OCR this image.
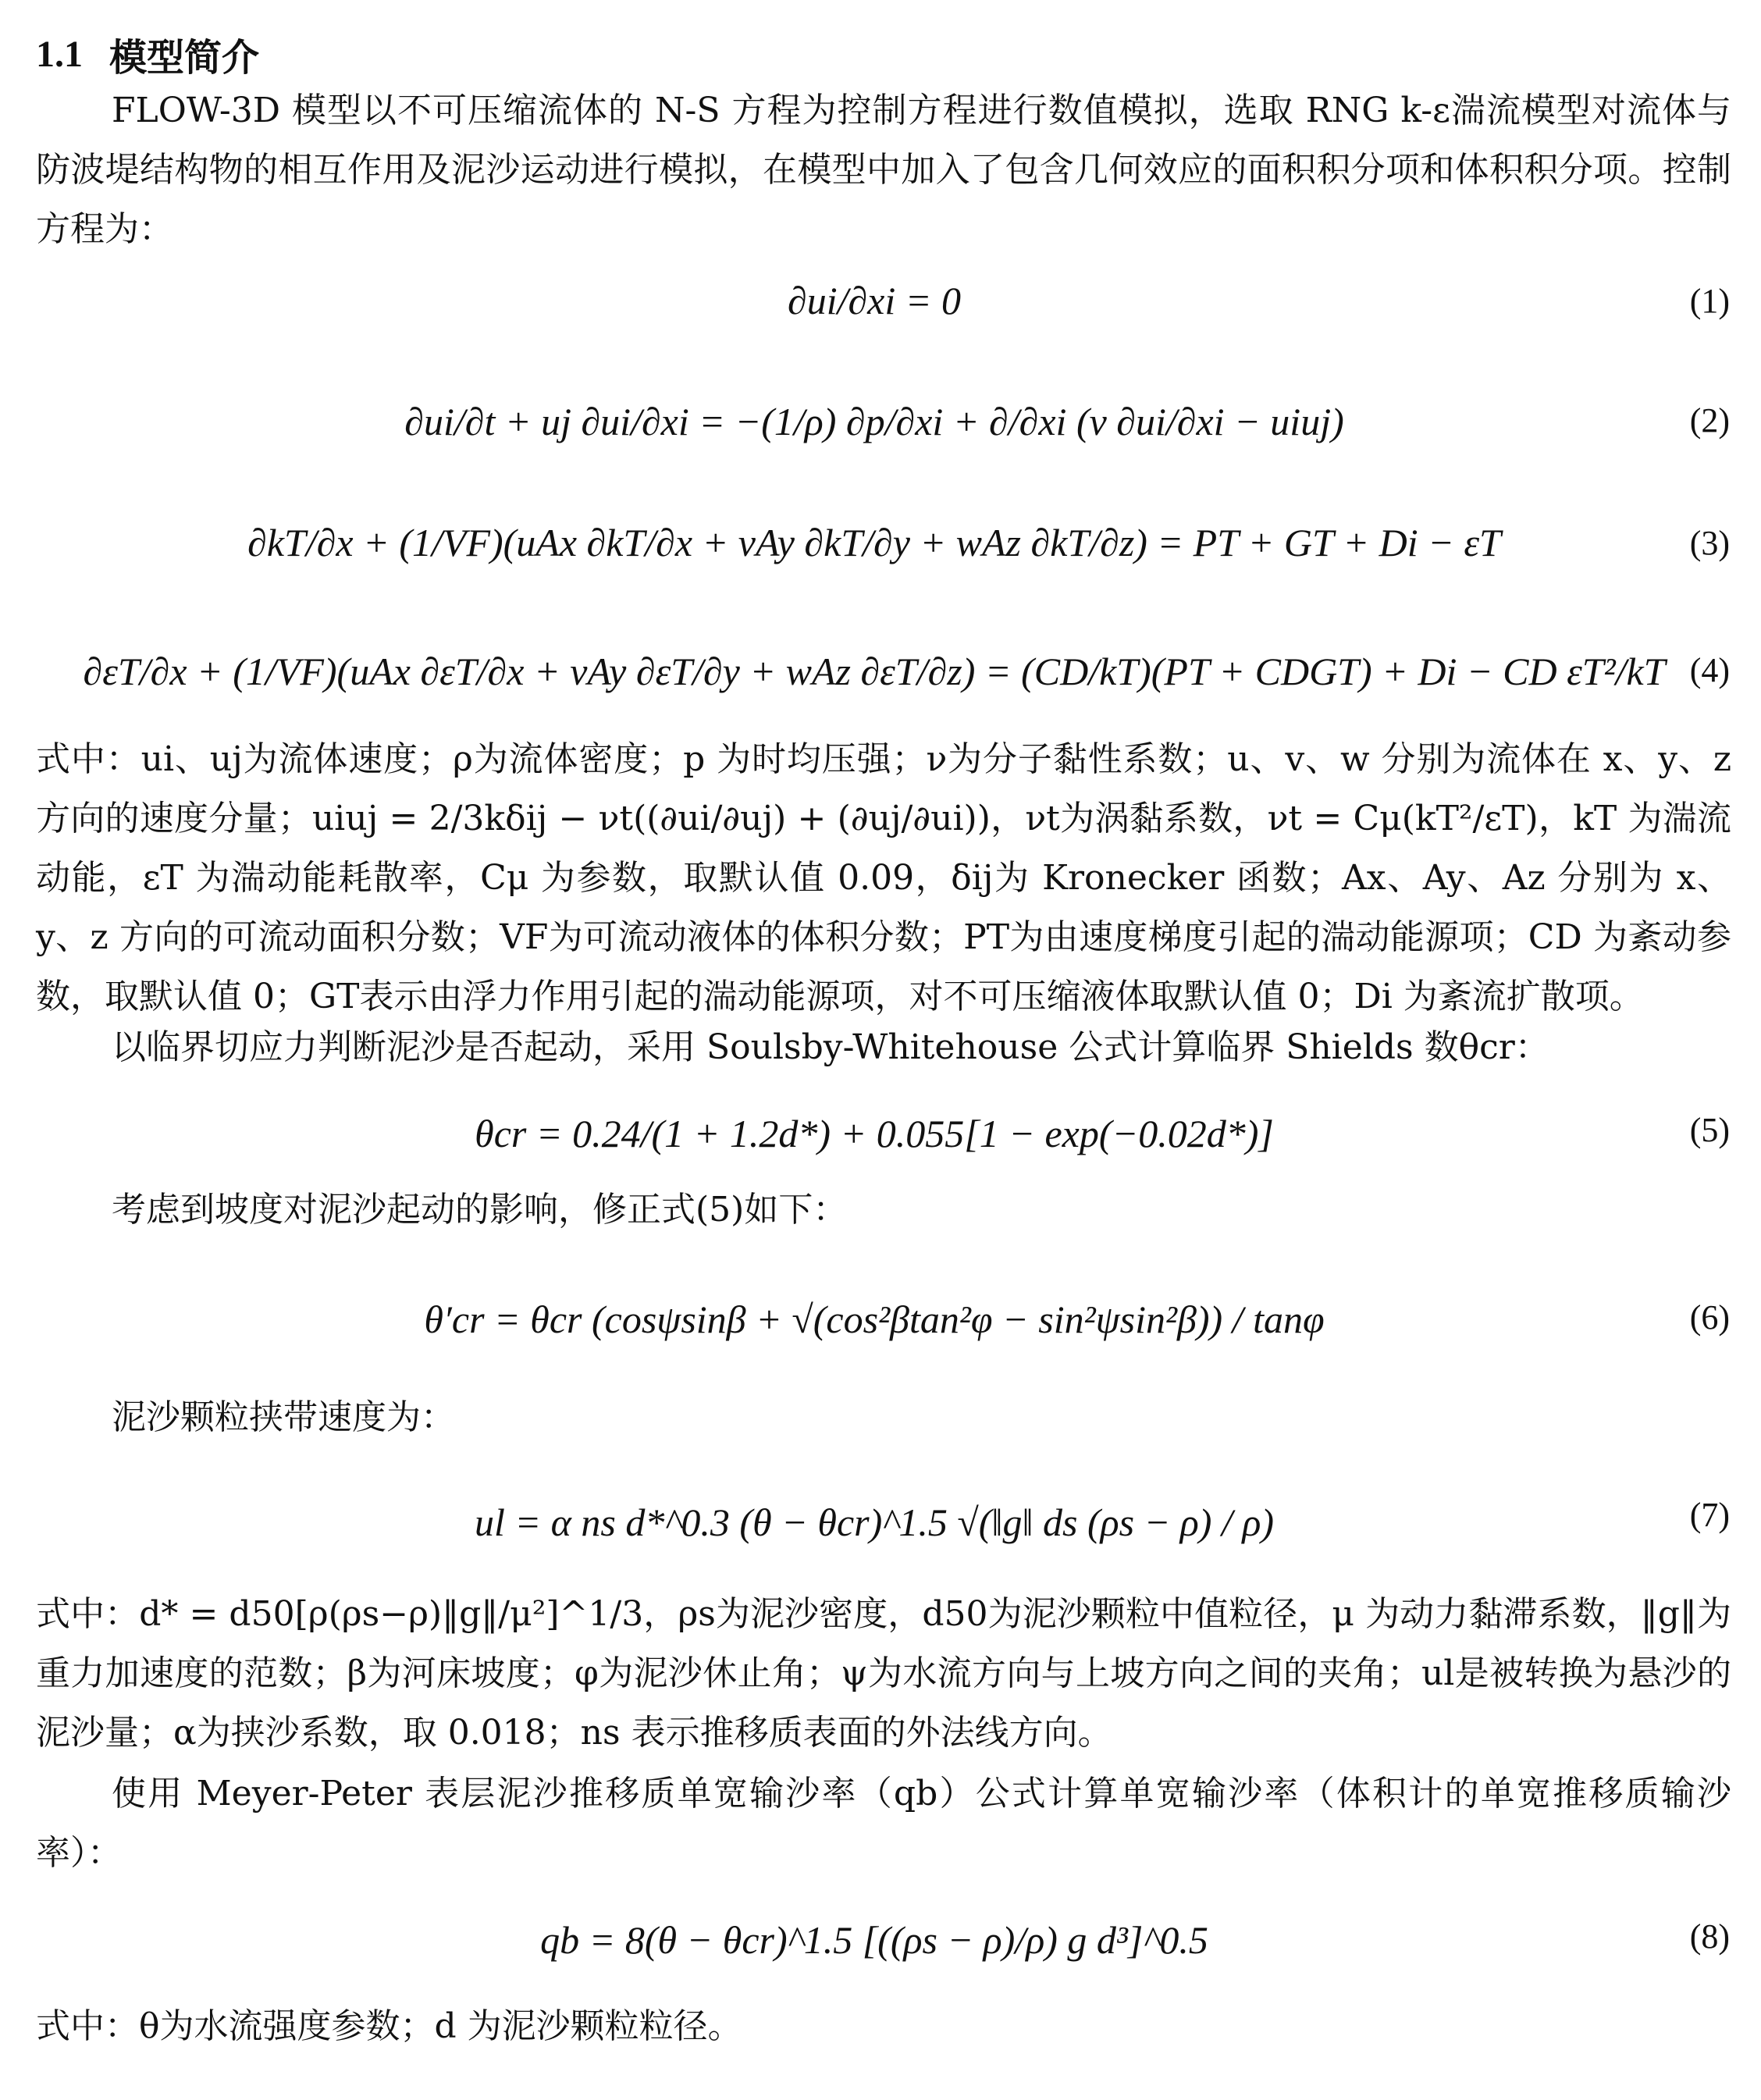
1.1 模型简介
FLOW-3D 模型以不可压缩流体的 N-S 方程为控制方程进行数值模拟，选取 RNG k-ε湍流模型对流体与防波堤结构物的相互作用及泥沙运动进行模拟，在模型中加入了包含几何效应的面积积分项和体积积分项。控制方程为：
∂ui/∂xi = 0	(1)
∂ui/∂t + uj ∂ui/∂xi = −(1/ρ) ∂p/∂xi + ∂/∂xi (ν ∂ui/∂xi − uiuj)	(2)
∂kT/∂x + (1/VF)(uAx ∂kT/∂x + vAy ∂kT/∂y + wAz ∂kT/∂z) = PT + GT + Di − εT	(3)
∂εT/∂x + (1/VF)(uAx ∂εT/∂x + vAy ∂εT/∂y + wAz ∂εT/∂z) = (CD/kT)(PT + CDGT) + Di − CD εT²/kT (4)
式中：ui、uj为流体速度；ρ为流体密度；p 为时均压强；ν为分子黏性系数；u、v、w 分别为流体在 x、y、z 方向的速度分量；uiuj = 2/3kδij − νt((∂ui/∂uj) + (∂uj/∂ui))，νt为涡黏系数，νt = Cμ(kT²/εT)，kT 为湍流动能，εT 为湍动能耗散率，Cμ 为参数，取默认值 0.09，δij为 Kronecker 函数；Ax、Ay、Az 分别为 x、y、z 方向的可流动面积分数；VF为可流动液体的体积分数；PT为由速度梯度引起的湍动能源项；CD 为紊动参数，取默认值 0；GT表示由浮力作用引起的湍动能源项，对不可压缩液体取默认值 0；Di 为紊流扩散项。
以临界切应力判断泥沙是否起动，采用 Soulsby-Whitehouse 公式计算临界 Shields 数θcr：
θcr = 0.24/(1 + 1.2d*) + 0.055[1 − exp(−0.02d*)]	(5)
考虑到坡度对泥沙起动的影响，修正式(5)如下：
θ′cr = θcr (cosψsinβ + √(cos²βtan²φ − sin²ψsin²β)) / tanφ	(6)
泥沙颗粒挟带速度为：
ul = α ns d*^0.3 (θ − θcr)^1.5 √(‖g‖ ds (ρs − ρ) / ρ)	(7)
式中：d* = d50[ρ(ρs−ρ)‖g‖/μ²]^1/3，ρs为泥沙密度，d50为泥沙颗粒中值粒径，μ 为动力黏滞系数，‖g‖为重力加速度的范数；β为河床坡度；φ为泥沙休止角；ψ为水流方向与上坡方向之间的夹角；ul是被转换为悬沙的泥沙量；α为挟沙系数，取 0.018；ns 表示推移质表面的外法线方向。
使用 Meyer-Peter 表层泥沙推移质单宽输沙率（qb）公式计算单宽输沙率（体积计的单宽推移质输沙率）：
qb = 8(θ − θcr)^1.5 [((ρs − ρ)/ρ) g d³]^0.5	(8)
式中：θ为水流强度参数；d 为泥沙颗粒粒径。
